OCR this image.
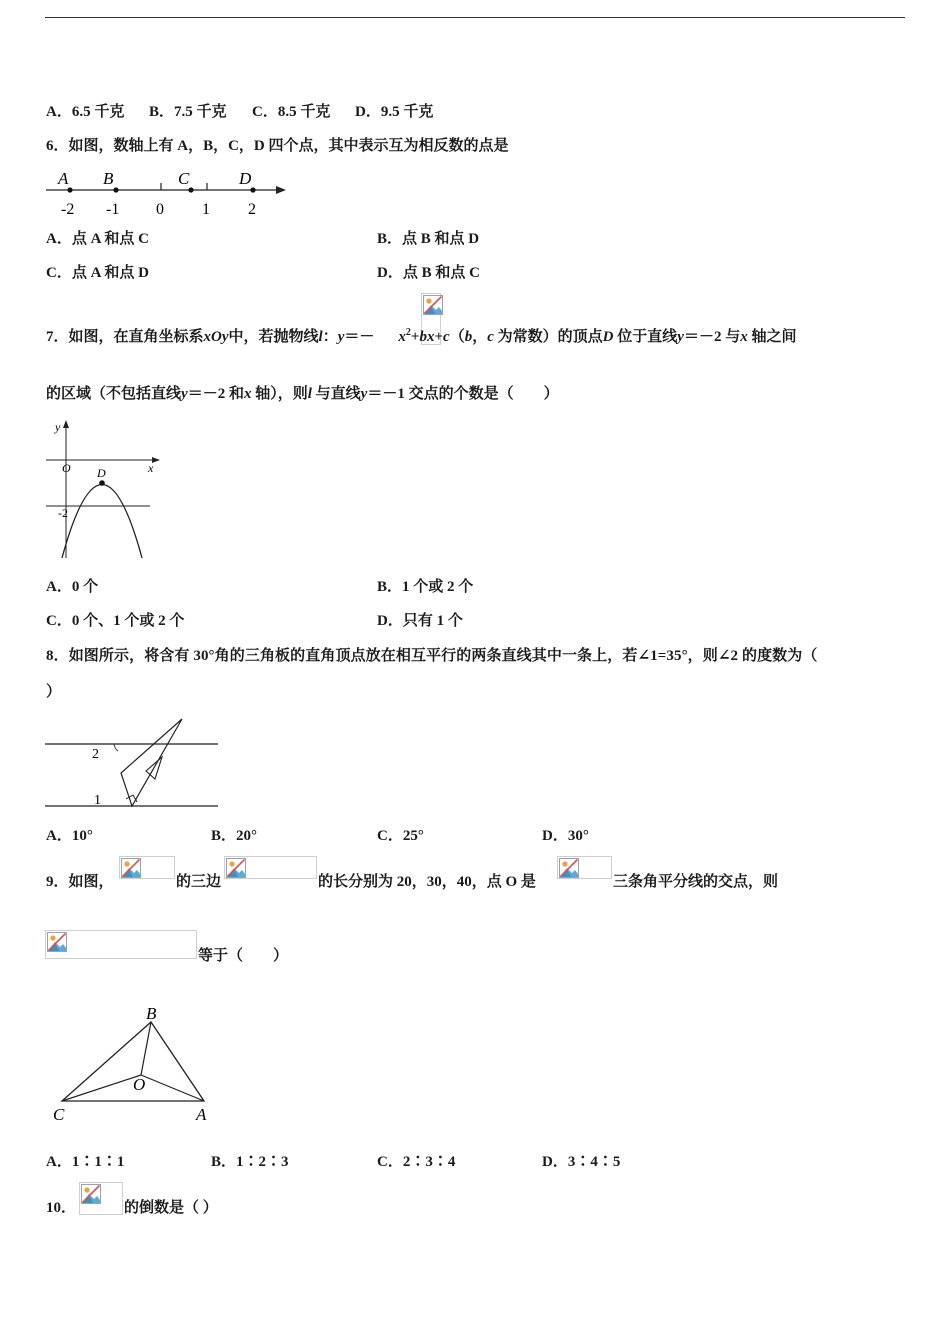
A．6.5 千克 B．7.5 千克 C．8.5 千克 D．9.5 千克
6．如图，数轴上有 A，B，C，D 四个点，其中表示互为相反数的点是
A B	C	D
-2 -1 0 1 2
A．点 A 和点 C	B．点 B 和点 D
C．点 A 和点 D	D．点 B 和点 C
7．如图，在直角坐标系xOy中，若抛物线l：$y=- x^2+bx+c(b$，c 为常数）的顶点D 位于直线y＝－2 与x 轴之间
的区域（不包括直线y＝－2 和x 轴），则l 与直线y＝－1 交点的个数是（　　）
y
x
O D
-2
A．0 个	B．1 个或 2 个
C．0 个、1 个或 2 个	D．只有 1 个
8．如图所示，将含有 30°角的三角板的直角顶点放在相互平行的两条直线其中一条上，若∠1=35°，则∠2 的度数为（
）
2
1
A．10°	B．20°	C．25°	D．30°
9．如图，	的三边	的长分别为 20，30，40，点 O 是	三条角平分线的交点，则
等于（　　）
B
O
C	A
A．1∶1∶1	B．1∶2∶3	C．2∶3∶4	D．3∶4∶5
10．	的倒数是（ ）
